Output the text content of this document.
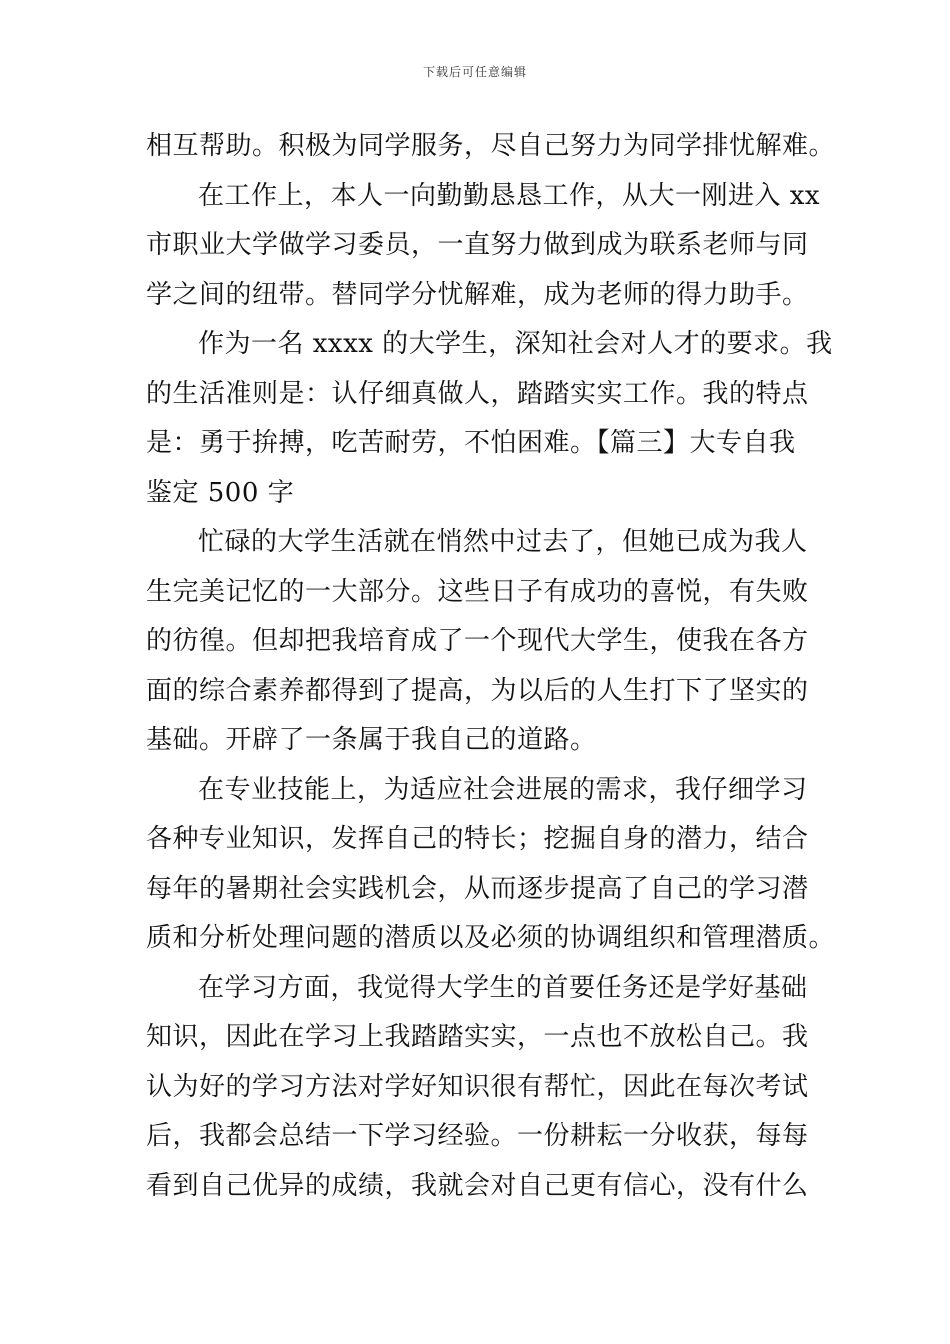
下载后可任意编辑
相互帮助。积极为同学服务，尽自己努力为同学排忧解难。
在工作上，本人一向勤勤恳恳工作，从大一刚进入 xx
市职业大学做学习委员，一直努力做到成为联系老师与同
学之间的纽带。替同学分忧解难，成为老师的得力助手。
作为一名 xxxx 的大学生，深知社会对人才的要求。我
的生活准则是：认仔细真做人，踏踏实实工作。我的特点
是：勇于拚搏，吃苦耐劳，不怕困难。【篇三】大专自我
鉴定 500 字
忙碌的大学生活就在悄然中过去了，但她已成为我人
生完美记忆的一大部分。这些日子有成功的喜悦，有失败
的彷徨。但却把我培育成了一个现代大学生，使我在各方
面的综合素养都得到了提高，为以后的人生打下了坚实的
基础。开辟了一条属于我自己的道路。
在专业技能上，为适应社会进展的需求，我仔细学习
各种专业知识，发挥自己的特长；挖掘自身的潜力，结合
每年的暑期社会实践机会，从而逐步提高了自己的学习潜
质和分析处理问题的潜质以及必须的协调组织和管理潜质。
在学习方面，我觉得大学生的首要任务还是学好基础
知识，因此在学习上我踏踏实实，一点也不放松自己。我
认为好的学习方法对学好知识很有帮忙，因此在每次考试
后，我都会总结一下学习经验。一份耕耘一分收获，每每
看到自己优异的成绩，我就会对自己更有信心，没有什么
